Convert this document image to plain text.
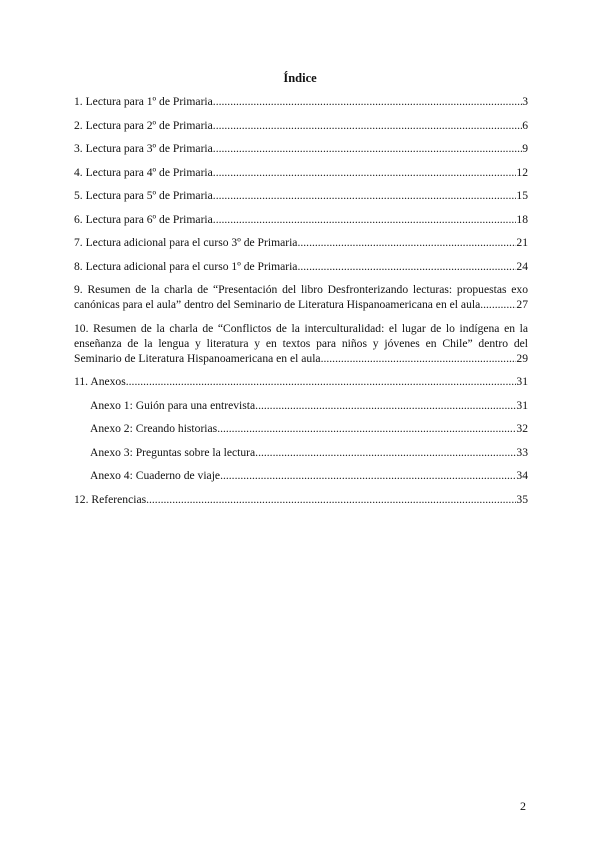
Índice
1. Lectura para 1º de Primaria .....	3
2. Lectura para 2º de Primaria .....	6
3. Lectura para 3º de Primaria .....	9
4. Lectura para 4º de Primaria .....	12
5. Lectura para 5º de Primaria .....	15
6. Lectura para 6º de Primaria .....	18
7. Lectura adicional para el curso 3º de Primaria .....	21
8. Lectura adicional para el curso 1º de Primaria .....	24
9. Resumen de la charla de “Presentación del libro Desfronterizando lecturas: propuestas exo
canónicas para el aula” dentro del Seminario de Literatura Hispanoamericana en el aula .....	27
10. Resumen de la charla de “Conflictos de la interculturalidad: el lugar de lo indígena en la
enseñanza de la lengua y literatura y en textos para niños y jóvenes en Chile” dentro del
Seminario de Literatura Hispanoamericana en el aula .....	29
11. Anexos .....	31
Anexo 1: Guión para una entrevista .....	31
Anexo 2: Creando historias .....	32
Anexo 3: Preguntas sobre la lectura .....	33
Anexo 4: Cuaderno de viaje .....	34
12. Referencias .....	35
2
